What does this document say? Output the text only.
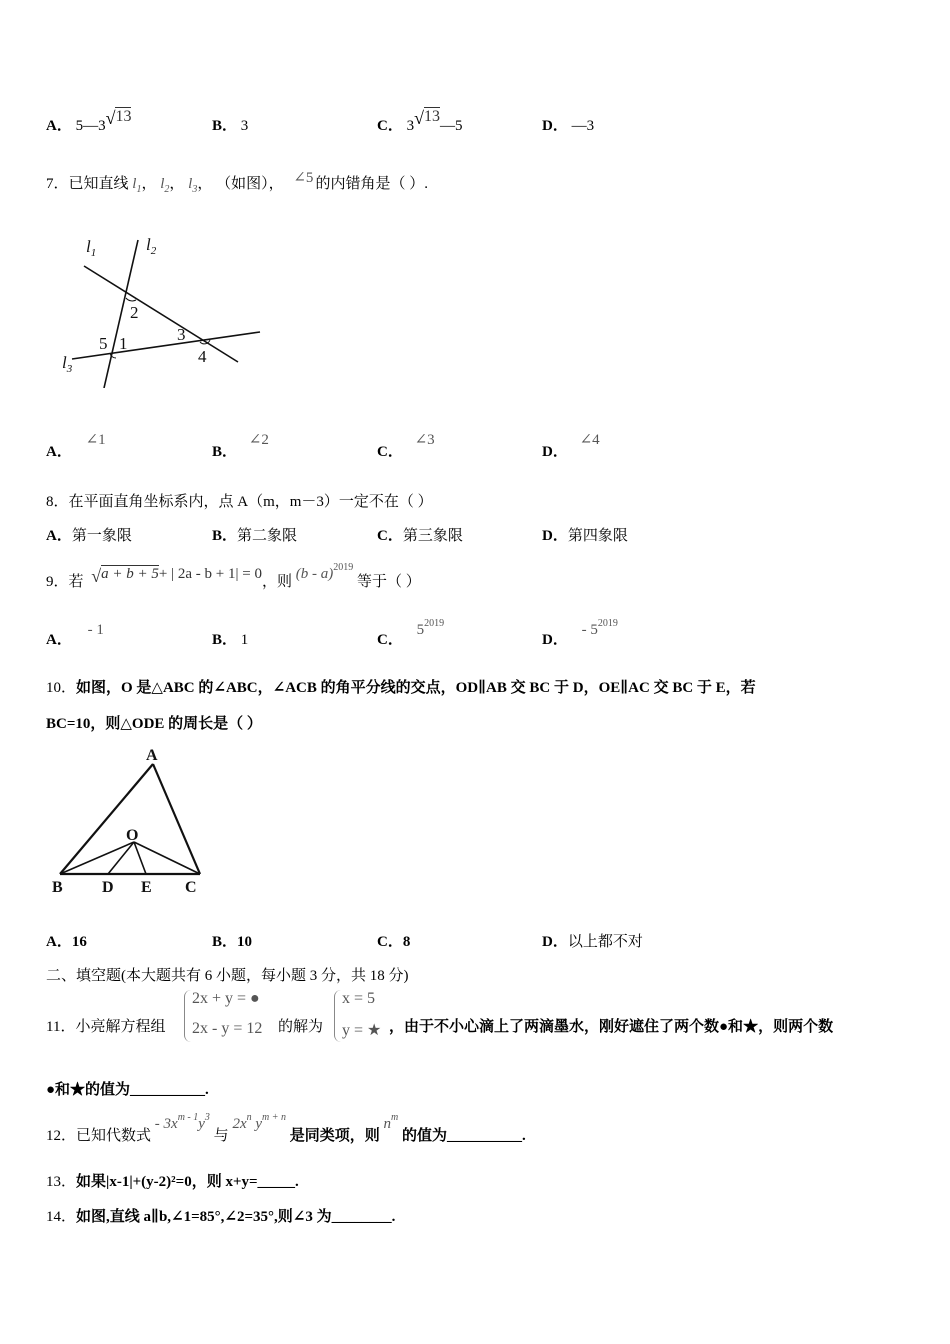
A． 5—3√13
B． 3	C． 3√13—5	D． —3
7．已知直线 $l_1$， $l_2$， $l_3$， （如图）， ∠5 的内错角是（ ）.
$l_1$	$l_2$
$l_3$
2
3
4
5 1
A． ∠1
B． ∠2
C． ∠3
D． ∠4
8．在平面直角坐标系内，点 A（m，m－3）一定不在（ ）
A．第一象限	B．第二象限	C．第三象限	D．第四象限
9．若 √a + b + 5+ | 2a - b + 1| = 0，则 (b - a)$^{2019}$ 等于（ ）
A． - 1
B． 1	C． $5^{2019}$
D． - $5^{2019}$
10．如图，O 是△ABC 的∠ABC，∠ACB 的角平分线的交点，OD∥AB 交 BC 于 D，OE∥AC 交 BC 于 E，若
BC=10，则△ODE 的周长是（ ）
A
O
B D E C
A．16	B．10	C．8	D．以上都不对
二、填空题(本大题共有 6 小题，每小题 3 分，共 18 分)
11．小亮解方程组
2x + y = ●
2x - y = 12 的解为
x = 5
y = ★ ，由于不小心滴上了两滴墨水，刚好遮住了两个数●和★，则两个数
●和★的值为__________.
12．已知代数式 - $3x^{m - 1}y^3$ 与 $2x^n$ $y^{m + n}$ 是同类项，则 $n^m$ 的值为__________.
13．如果|x-1|+(y-2)²=0，则 x+y=_____.
14．如图,直线 a∥b,∠1=85°,∠2=35°,则∠3 为________.
